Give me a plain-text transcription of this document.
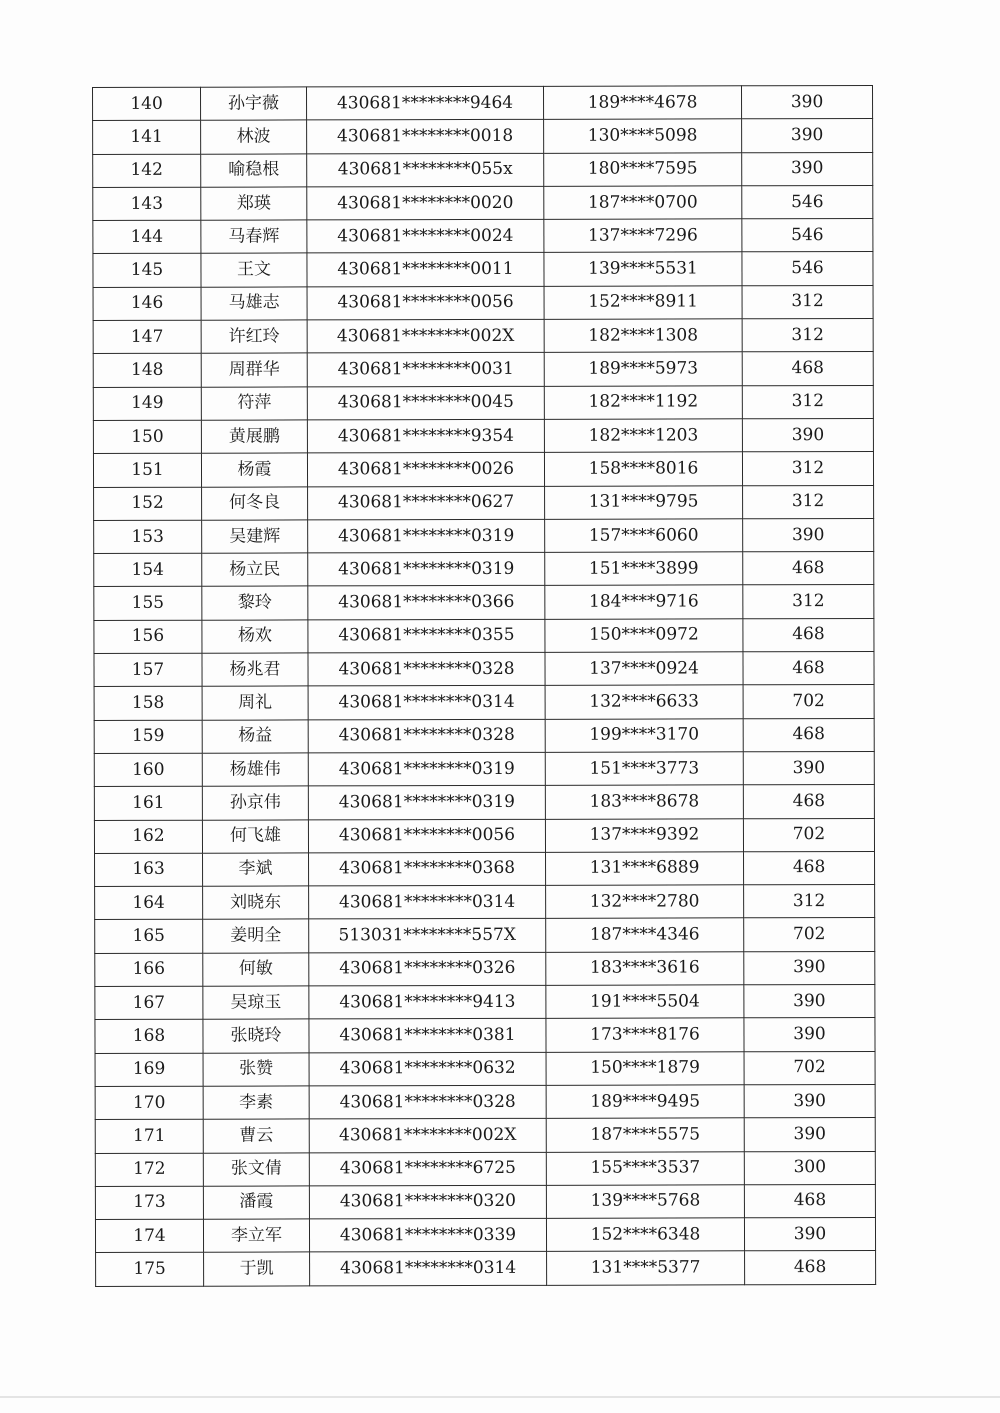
140	孙宇薇	430681********9464	189****4678	390
141	林波	430681********0018	130****5098	390
142	喻稳根	430681********055x	180****7595	390
143	郑瑛	430681********0020	187****0700	546
144	马春辉	430681********0024	137****7296	546
145	王文	430681********0011	139****5531	546
146	马雄志	430681********0056	152****8911	312
147	许红玲	430681********002X	182****1308	312
148	周群华	430681********0031	189****5973	468
149	符萍	430681********0045	182****1192	312
150	黄展鹏	430681********9354	182****1203	390
151	杨霞	430681********0026	158****8016	312
152	何冬良	430681********0627	131****9795	312
153	吴建辉	430681********0319	157****6060	390
154	杨立民	430681********0319	151****3899	468
155	黎玲	430681********0366	184****9716	312
156	杨欢	430681********0355	150****0972	468
157	杨兆君	430681********0328	137****0924	468
158	周礼	430681********0314	132****6633	702
159	杨益	430681********0328	199****3170	468
160	杨雄伟	430681********0319	151****3773	390
161	孙京伟	430681********0319	183****8678	468
162	何飞雄	430681********0056	137****9392	702
163	李斌	430681********0368	131****6889	468
164	刘晓东	430681********0314	132****2780	312
165	姜明全	513031********557X	187****4346	702
166	何敏	430681********0326	183****3616	390
167	吴琼玉	430681********9413	191****5504	390
168	张晓玲	430681********0381	173****8176	390
169	张赞	430681********0632	150****1879	702
170	李素	430681********0328	189****9495	390
171	曹云	430681********002X	187****5575	390
172	张文倩	430681********6725	155****3537	300
173	潘霞	430681********0320	139****5768	468
174	李立军	430681********0339	152****6348	390
175	于凯	430681********0314	131****5377	468
